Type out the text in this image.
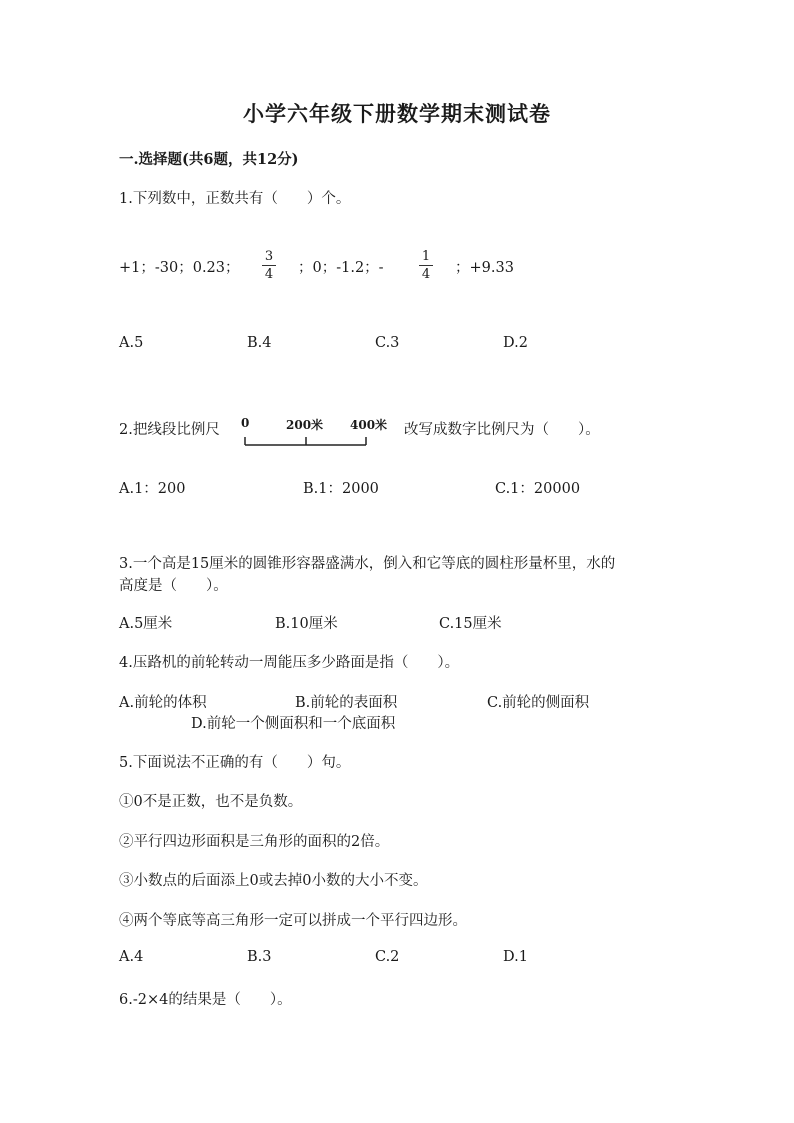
小学六年级下册数学期末测试卷
一.选择题(共6题，共12分)
1.下列数中，正数共有（　　）个。
+1；-30；0.23；
3
4	；0；-1.2；-
1
4	；+9.33
A.5	B.4	C.3	D.2
2.把线段比例尺 0	200米 400米 改写成数字比例尺为（　　）。
A.1：200	B.1：2000	C.1：20000
3.一个高是15厘米的圆锥形容器盛满水，倒入和它等底的圆柱形量杯里，水的
高度是（　　）。
A.5厘米	B.10厘米	C.15厘米
4.压路机的前轮转动一周能压多少路面是指（　　）。
A.前轮的体积	B.前轮的表面积	C.前轮的侧面积
D.前轮一个侧面积和一个底面积
5.下面说法不正确的有（　　）句。
①0不是正数，也不是负数。
②平行四边形面积是三角形的面积的2倍。
③小数点的后面添上0或去掉0小数的大小不变。
④两个等底等高三角形一定可以拼成一个平行四边形。
A.4	B.3	C.2	D.1
6.-2×4的结果是（　　）。
